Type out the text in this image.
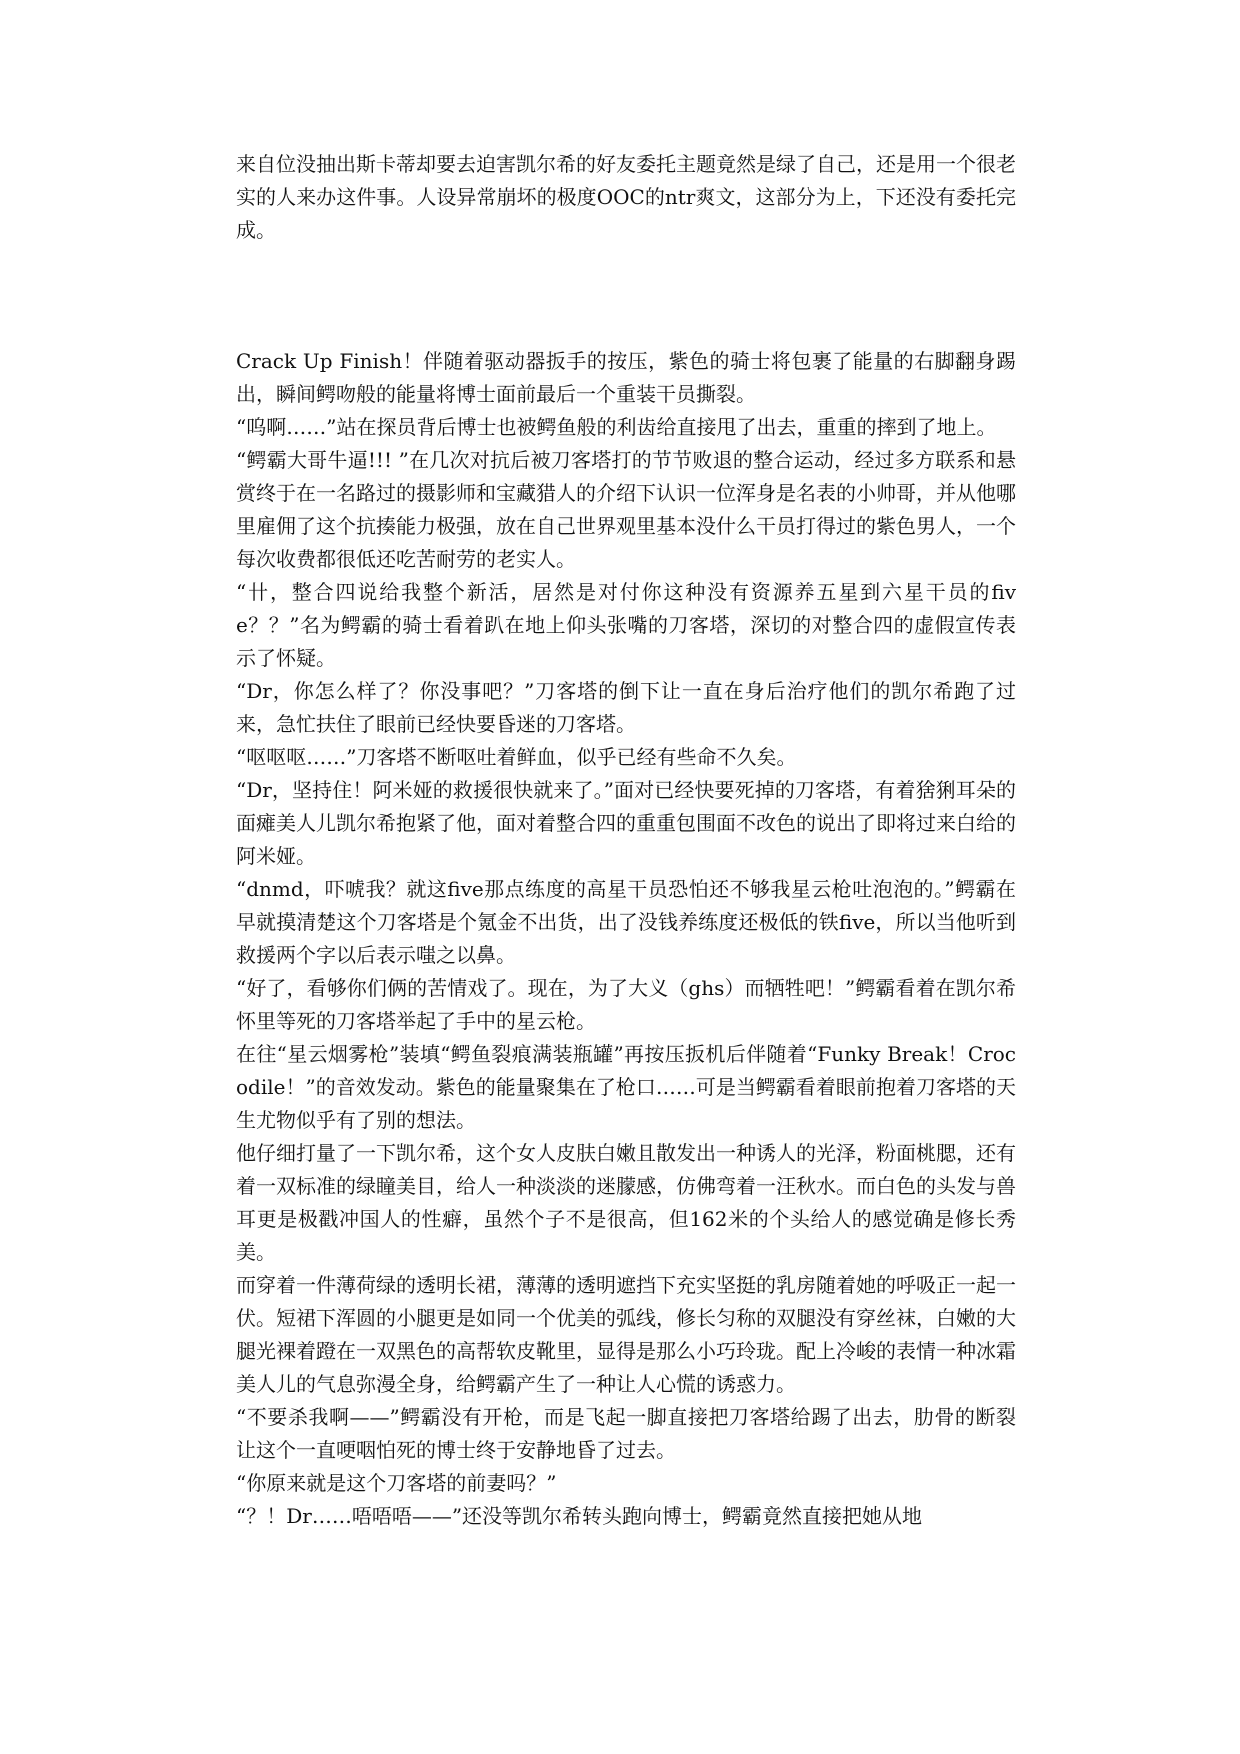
来自位没抽出斯卡蒂却要去迫害凯尔希的好友委托主题竟然是绿了自己，还是用一个很老实的人来办这件事。人设异常崩坏的极度OOC的ntr爽文，这部分为上，下还没有委托完成。

Crack Up Finish！伴随着驱动器扳手的按压，紫色的骑士将包裹了能量的右脚翻身踢出，瞬间鳄吻般的能量将博士面前最后一个重装干员撕裂。

“呜啊……”站在探员背后博士也被鳄鱼般的利齿给直接甩了出去，重重的摔到了地上。

“鳄霸大哥牛逼!!! ”在几次对抗后被刀客塔打的节节败退的整合运动，经过多方联系和悬赏终于在一名路过的摄影师和宝藏猎人的介绍下认识一位浑身是名表的小帅哥，并从他哪里雇佣了这个抗揍能力极强，放在自己世界观里基本没什么干员打得过的紫色男人，一个每次收费都很低还吃苦耐劳的老实人。

“卄，整合四说给我整个新活，居然是对付你这种没有资源养五星到六星干员的five？？”名为鳄霸的骑士看着趴在地上仰头张嘴的刀客塔，深切的对整合四的虚假宣传表示了怀疑。

“Dr，你怎么样了？你没事吧？”刀客塔的倒下让一直在身后治疗他们的凯尔希跑了过来，急忙扶住了眼前已经快要昏迷的刀客塔。

“呕呕呕……”刀客塔不断呕吐着鲜血，似乎已经有些命不久矣。

“Dr，坚持住！阿米娅的救援很快就来了。”面对已经快要死掉的刀客塔，有着猞猁耳朵的面瘫美人儿凯尔希抱紧了他，面对着整合四的重重包围面不改色的说出了即将过来白给的阿米娅。

“dnmd，吓唬我？就这five那点练度的高星干员恐怕还不够我星云枪吐泡泡的。”鳄霸在早就摸清楚这个刀客塔是个氪金不出货，出了没钱养练度还极低的铁five，所以当他听到救援两个字以后表示嗤之以鼻。

“好了，看够你们俩的苦情戏了。现在，为了大义（ghs）而牺牲吧！”鳄霸看着在凯尔希怀里等死的刀客塔举起了手中的星云枪。

在往“星云烟雾枪”装填“鳄鱼裂痕满装瓶罐”再按压扳机后伴随着“Funky Break！Crocodile！”的音效发动。紫色的能量聚集在了枪口……可是当鳄霸看着眼前抱着刀客塔的天生尤物似乎有了别的想法。

他仔细打量了一下凯尔希，这个女人皮肤白嫩且散发出一种诱人的光泽，粉面桃腮，还有着一双标准的绿瞳美目，给人一种淡淡的迷朦感，仿佛弯着一汪秋水。而白色的头发与兽耳更是极戳冲国人的性癖，虽然个子不是很高，但162米的个头给人的感觉确是修长秀美。

而穿着一件薄荷绿的透明长裙，薄薄的透明遮挡下充实坚挺的乳房随着她的呼吸正一起一伏。短裙下浑圆的小腿更是如同一个优美的弧线，修长匀称的双腿没有穿丝袜，白嫩的大腿光裸着蹬在一双黑色的高帮软皮靴里，显得是那么小巧玲珑。配上冷峻的表情一种冰霜美人儿的气息弥漫全身，给鳄霸产生了一种让人心慌的诱惑力。

“不要杀我啊——”鳄霸没有开枪，而是飞起一脚直接把刀客塔给踢了出去，肋骨的断裂让这个一直哽咽怕死的博士终于安静地昏了过去。

“你原来就是这个刀客塔的前妻吗？”

“？！Dr……唔唔唔——”还没等凯尔希转头跑向博士，鳄霸竟然直接把她从地
